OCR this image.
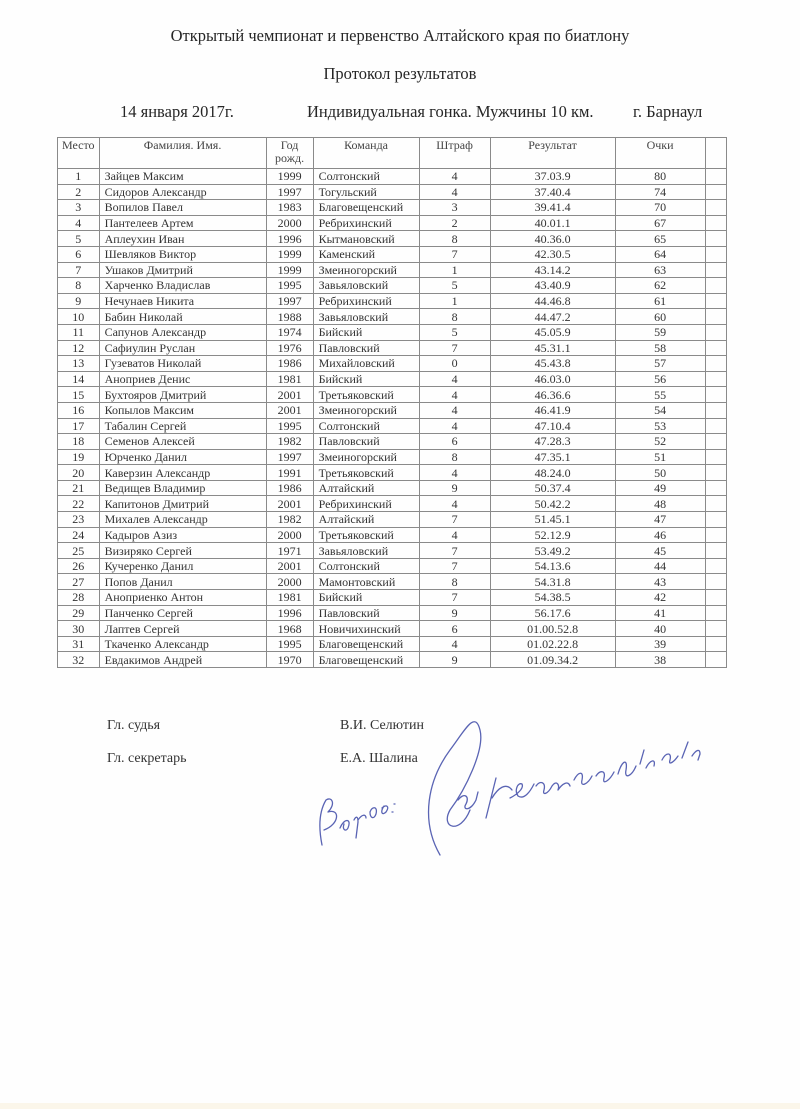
Открытый чемпионат и первенство Алтайского края по биатлону
Протокол результатов
14 января 2017г.	Индивидуальная гонка. Мужчины 10 км. г. Барнаул
Место	Фамилия. Имя.	Год рожд.	Команда	Штраф	Результат	Очки	
1	Зайцев Максим	1999	Солтонский	4	37.03.9	80	
2	Сидоров Александр	1997	Тогульский	4	37.40.4	74	
3	Вопилов Павел	1983	Благовещенский	3	39.41.4	70	
4	Пантелеев Артем	2000	Ребрихинский	2	40.01.1	67	
5	Аплеухин Иван	1996	Кытмановский	8	40.36.0	65	
6	Шевляков Виктор	1999	Каменский	7	42.30.5	64	
7	Ушаков Дмитрий	1999	Змеиногорский	1	43.14.2	63	
8	Харченко Владислав	1995	Завьяловский	5	43.40.9	62	
9	Нечунаев Никита	1997	Ребрихинский	1	44.46.8	61	
10	Бабин Николай	1988	Завьяловский	8	44.47.2	60	
11	Сапунов Александр	1974	Бийский	5	45.05.9	59	
12	Сафиулин Руслан	1976	Павловский	7	45.31.1	58	
13	Гузеватов Николай	1986	Михайловский	0	45.43.8	57	
14	Аноприев Денис	1981	Бийский	4	46.03.0	56	
15	Бухтояров Дмитрий	2001	Третьяковский	4	46.36.6	55	
16	Копылов Максим	2001	Змеиногорский	4	46.41.9	54	
17	Табалин Сергей	1995	Солтонский	4	47.10.4	53	
18	Семенов Алексей	1982	Павловский	6	47.28.3	52	
19	Юрченко Данил	1997	Змеиногорский	8	47.35.1	51	
20	Каверзин Александр	1991	Третьяковский	4	48.24.0	50	
21	Ведищев Владимир	1986	Алтайский	9	50.37.4	49	
22	Капитонов Дмитрий	2001	Ребрихинский	4	50.42.2	48	
23	Михалев Александр	1982	Алтайский	7	51.45.1	47	
24	Кадыров Азиз	2000	Третьяковский	4	52.12.9	46	
25	Визиряко Сергей	1971	Завьяловский	7	53.49.2	45	
26	Кучеренко Данил	2001	Солтонский	7	54.13.6	44	
27	Попов Данил	2000	Мамонтовский	8	54.31.8	43	
28	Аноприенко Антон	1981	Бийский	7	54.38.5	42	
29	Панченко Сергей	1996	Павловский	9	56.17.6	41	
30	Лаптев Сергей	1968	Новичихинский	6	01.00.52.8	40	
31	Ткаченко Александр	1995	Благовещенский	4	01.02.22.8	39	
32	Евдакимов Андрей	1970	Благовещенский	9	01.09.34.2	38	
Гл. судья	В.И. Селютин
Гл. секретарь	Е.А. Шалина
